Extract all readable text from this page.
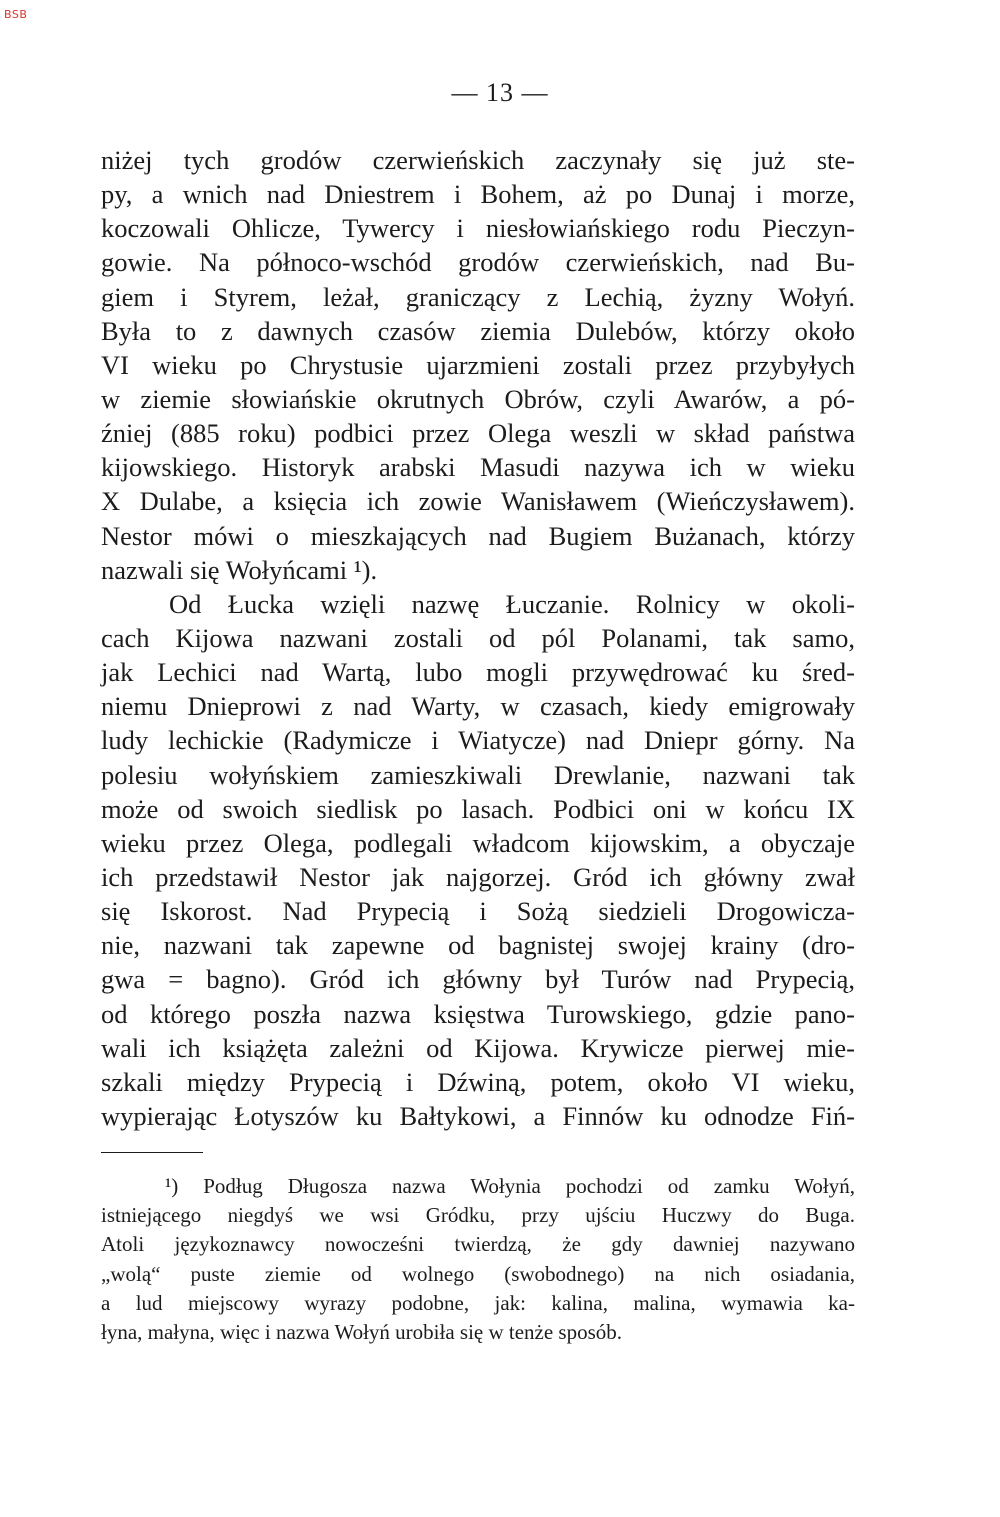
BSB
— 13 —
niżej tych grodów czerwieńskich zaczynały się już ste-
py, a wnich nad Dniestrem i Bohem, aż po Dunaj i morze,
koczowali Ohlicze, Tywercy i niesłowiańskiego rodu Pieczyn-
gowie. Na północo-wschód grodów czerwieńskich, nad Bu-
giem i Styrem, leżał, graniczący z Lechią, żyzny Wołyń.
Była to z dawnych czasów ziemia Dulebów, którzy około
VI wieku po Chrystusie ujarzmieni zostali przez przybyłych
w ziemie słowiańskie okrutnych Obrów, czyli Awarów, a pó-
źniej (885 roku) podbici przez Olega weszli w skład państwa
kijowskiego. Historyk arabski Masudi nazywa ich w wieku
X Dulabe, a księcia ich zowie Wanisławem (Wieńczysławem).
Nestor mówi o mieszkających nad Bugiem Bużanach, którzy
nazwali się Wołyńcami ¹).
Od Łucka wzięli nazwę Łuczanie. Rolnicy w okoli-
cach Kijowa nazwani zostali od pól Polanami, tak samo,
jak Lechici nad Wartą, lubo mogli przywędrować ku śred-
niemu Dnieprowi z nad Warty, w czasach, kiedy emigrowały
ludy lechickie (Radymicze i Wiatycze) nad Dniepr górny. Na
polesiu wołyńskiem zamieszkiwali Drewlanie, nazwani tak
może od swoich siedlisk po lasach. Podbici oni w końcu IX
wieku przez Olega, podlegali władcom kijowskim, a obyczaje
ich przedstawił Nestor jak najgorzej. Gród ich główny zwał
się Iskorost. Nad Prypecią i Sożą siedzieli Drogowicza-
nie, nazwani tak zapewne od bagnistej swojej krainy (dro-
gwa = bagno). Gród ich główny był Turów nad Prypecią,
od którego poszła nazwa księstwa Turowskiego, gdzie pano-
wali ich książęta zależni od Kijowa. Krywicze pierwej mie-
szkali między Prypecią i Dźwiną, potem, około VI wieku,
wypierając Łotyszów ku Bałtykowi, a Finnów ku odnodze Fiń-
¹) Podług Długosza nazwa Wołynia pochodzi od zamku Wołyń,
istniejącego niegdyś we wsi Gródku, przy ujściu Huczwy do Buga.
Atoli językoznawcy nowocześni twierdzą, że gdy dawniej nazywano
„wolą“ puste ziemie od wolnego (swobodnego) na nich osiadania,
a lud miejscowy wyrazy podobne, jak: kalina, malina, wymawia ka-
łyna, małyna, więc i nazwa Wołyń urobiła się w tenże sposób.
